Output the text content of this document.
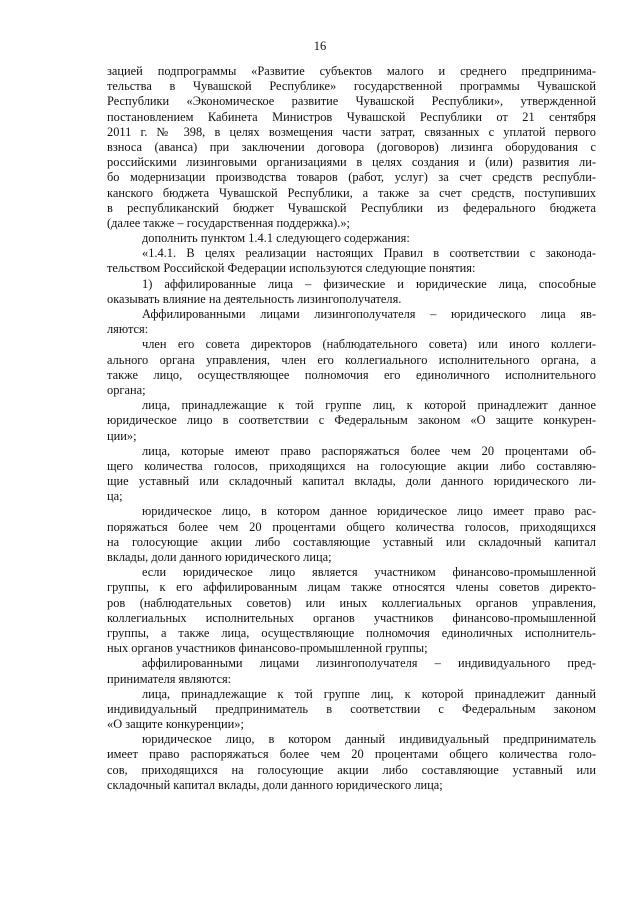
16
зацией подпрограммы «Развитие субъектов малого и среднего предпринима-
тельства в Чувашской Республике» государственной программы Чувашской
Республики «Экономическое развитие Чувашской Республики», утвержденной
постановлением Кабинета Министров Чувашской Республики от 21 сентября
2011 г. № 398, в целях возмещения части затрат, связанных с уплатой первого
взноса (аванса) при заключении договора (договоров) лизинга оборудования с
российскими лизинговыми организациями в целях создания и (или) развития ли-
бо модернизации производства товаров (работ, услуг) за счет средств республи-
канского бюджета Чувашской Республики, а также за счет средств, поступивших
в республиканский бюджет Чувашской Республики из федерального бюджета
(далее также – государственная поддержка).»;
дополнить пунктом 1.4.1 следующего содержания:
«1.4.1. В целях реализации настоящих Правил в соответствии с законода-
тельством Российской Федерации используются следующие понятия:
1) аффилированные лица – физические и юридические лица, способные
оказывать влияние на деятельность лизингополучателя.
Аффилированными лицами лизингополучателя – юридического лица яв-
ляются:
член его совета директоров (наблюдательного совета) или иного коллеги-
ального органа управления, член его коллегиального исполнительного органа, а
также лицо, осуществляющее полномочия его единоличного исполнительного
органа;
лица, принадлежащие к той группе лиц, к которой принадлежит данное
юридическое лицо в соответствии с Федеральным законом «О защите конкурен-
ции»;
лица, которые имеют право распоряжаться более чем 20 процентами об-
щего количества голосов, приходящихся на голосующие акции либо составляю-
щие уставный или складочный капитал вклады, доли данного юридического ли-
ца;
юридическое лицо, в котором данное юридическое лицо имеет право рас-
поряжаться более чем 20 процентами общего количества голосов, приходящихся
на голосующие акции либо составляющие уставный или складочный капитал
вклады, доли данного юридического лица;
если юридическое лицо является участником финансово-промышленной
группы, к его аффилированным лицам также относятся члены советов директо-
ров (наблюдательных советов) или иных коллегиальных органов управления,
коллегиальных исполнительных органов участников финансово-промышленной
группы, а также лица, осуществляющие полномочия единоличных исполнитель-
ных органов участников финансово-промышленной группы;
аффилированными лицами лизингополучателя – индивидуального пред-
принимателя являются:
лица, принадлежащие к той группе лиц, к которой принадлежит данный
индивидуальный предприниматель в соответствии с Федеральным законом
«О защите конкуренции»;
юридическое лицо, в котором данный индивидуальный предприниматель
имеет право распоряжаться более чем 20 процентами общего количества голо-
сов, приходящихся на голосующие акции либо составляющие уставный или
складочный капитал вклады, доли данного юридического лица;
